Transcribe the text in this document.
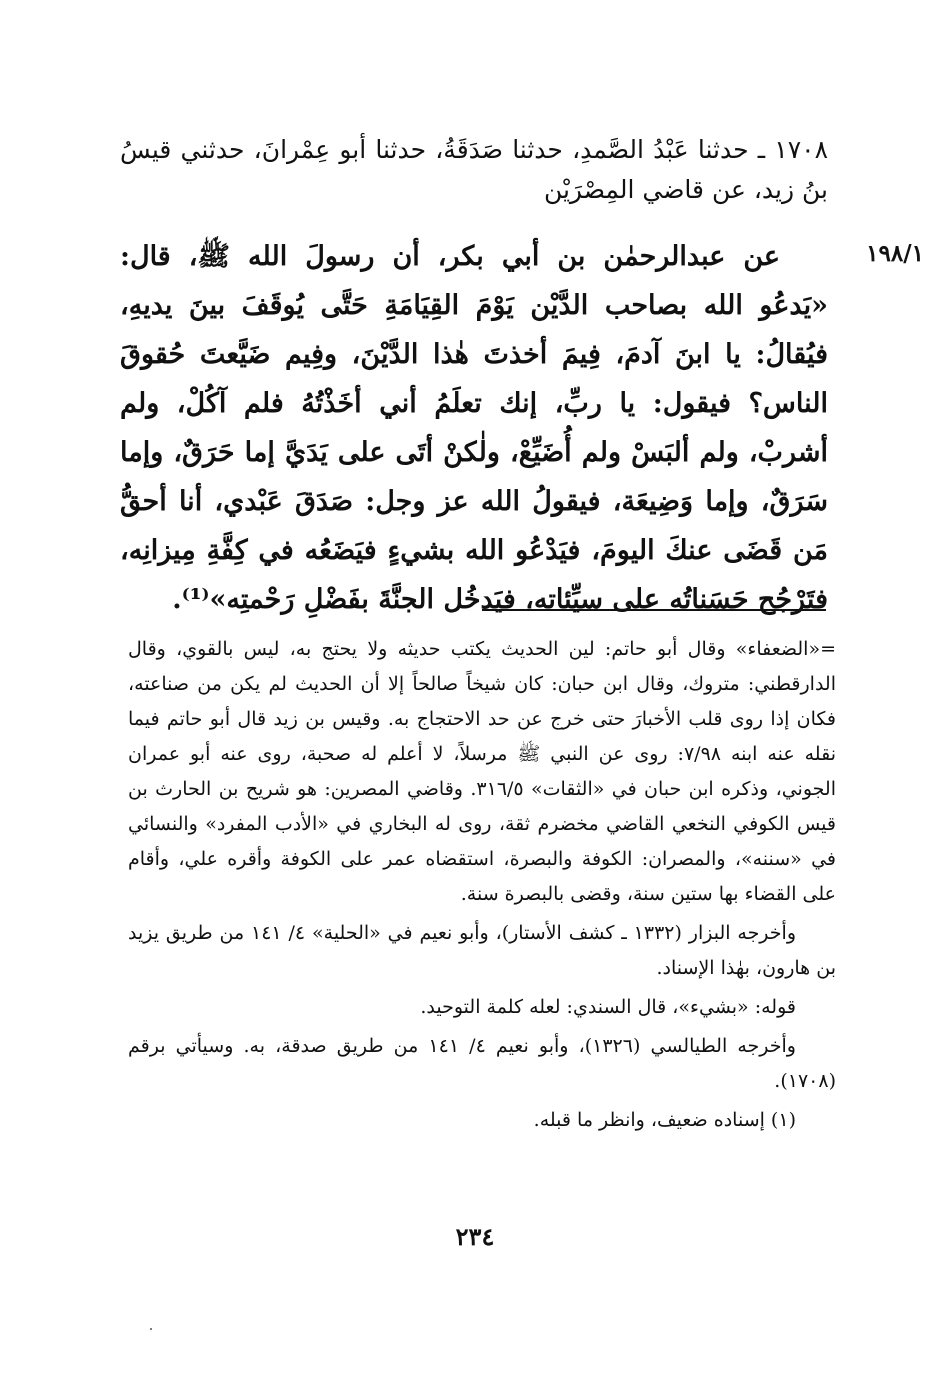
١٧٠٨ ـ حدثنا عَبْدُ الصَّمدِ، حدثنا صَدَقَةُ، حدثنا أبو عِمْرانَ، حدثني قيسُ بنُ زيد، عن قاضي المِصْرَيْن

١٩٨/١

عن عبدالرحمٰن بن أبي بكر، أن رسولَ الله ﷺ، قال: «يَدعُو الله بصاحب الدَّيْن يَوْمَ القِيَامَةِ حَتَّى يُوقَفَ بينَ يديهِ، فيُقالُ: يا ابنَ آدمَ، فِيمَ أخذتَ هٰذا الدَّيْنَ، وفِيم ضَيَّعتَ حُقوقَ الناس؟ فيقول: يا ربِّ، إنك تعلَمُ أني أخَذْتُهُ فلم آكُلْ، ولم أشربْ، ولم ألبَسْ ولم أُضَيِّعْ، ولٰكنْ أتَى على يَدَيَّ إما حَرَقٌ، وإما سَرَقٌ، وإما وَضِيعَة، فيقولُ الله عز وجل: صَدَقَ عَبْدي، أنا أحقُّ مَن قَضَى عنكَ اليومَ، فيَدْعُو الله بشيءٍ فيَضَعُه في كِفَّةِ مِيزانِه، فتَرْجُح حَسَناتُه على سيِّئاته، فيَدخُل الجنَّةَ بفَضْلِ رَحْمتِه»⁽¹⁾.

=«الضعفاء» وقال أبو حاتم: لين الحديث يكتب حديثه ولا يحتج به، ليس بالقوي، وقال الدارقطني: متروك، وقال ابن حبان: كان شيخاً صالحاً إلا أن الحديث لم يكن من صناعته، فكان إذا روى قلب الأخبارَ حتى خرج عن حد الاحتجاج به. وقيس بن زيد قال أبو حاتم فيما نقله عنه ابنه ٧/٩٨: روى عن النبي ﷺ مرسلاً، لا أعلم له صحبة، روى عنه أبو عمران الجوني، وذكره ابن حبان في «الثقات» ٣١٦/٥. وقاضي المصرين: هو شريح بن الحارث بن قيس الكوفي النخعي القاضي مخضرم ثقة، روى له البخاري في «الأدب المفرد» والنسائي في «سننه»، والمصران: الكوفة والبصرة، استقضاه عمر على الكوفة وأقره علي، وأقام على القضاء بها ستين سنة، وقضى بالبصرة سنة.

وأخرجه البزار (١٣٣٢ ـ كشف الأستار)، وأبو نعيم في «الحلية» ٤/ ١٤١ من طريق يزيد بن هارون، بهٰذا الإسناد.

قوله: «بشيء»، قال السندي: لعله كلمة التوحيد.

وأخرجه الطيالسي (١٣٢٦)، وأبو نعيم ٤/ ١٤١ من طريق صدقة، به. وسيأتي برقم (١٧٠٨).

(١) إسناده ضعيف، وانظر ما قبله.

٢٣٤
